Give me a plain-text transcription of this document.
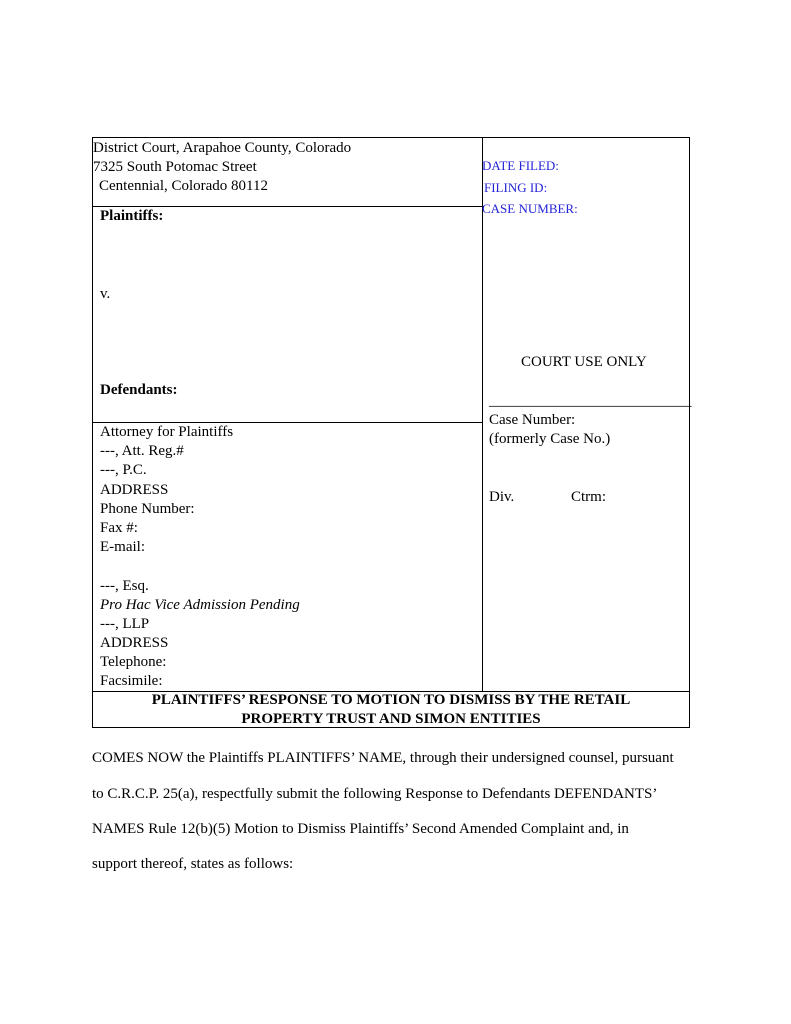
District Court, Arapahoe County, Colorado
7325 South Potomac Street
Centennial, Colorado 80112
DATE FILED:
FILING ID:
CASE NUMBER:
Plaintiffs:
v.
Defendants:
COURT USE ONLY
___________________________
Case Number:
(formerly Case No.)
Div.	Ctrm:
Attorney for Plaintiffs
---, Att. Reg.#
---, P.C.
ADDRESS
Phone Number:
Fax #:
E-mail:
---, Esq.
Pro Hac Vice Admission Pending
---, LLP
ADDRESS
Telephone:
Facsimile:
PLAINTIFFS’ RESPONSE TO MOTION TO DISMISS BY THE RETAIL
PROPERTY TRUST AND SIMON ENTITIES
COMES NOW the Plaintiffs PLAINTIFFS’ NAME, through their undersigned counsel, pursuant
to C.R.C.P. 25(a), respectfully submit the following Response to Defendants DEFENDANTS’
NAMES Rule 12(b)(5) Motion to Dismiss Plaintiffs’ Second Amended Complaint and, in
support thereof, states as follows:
